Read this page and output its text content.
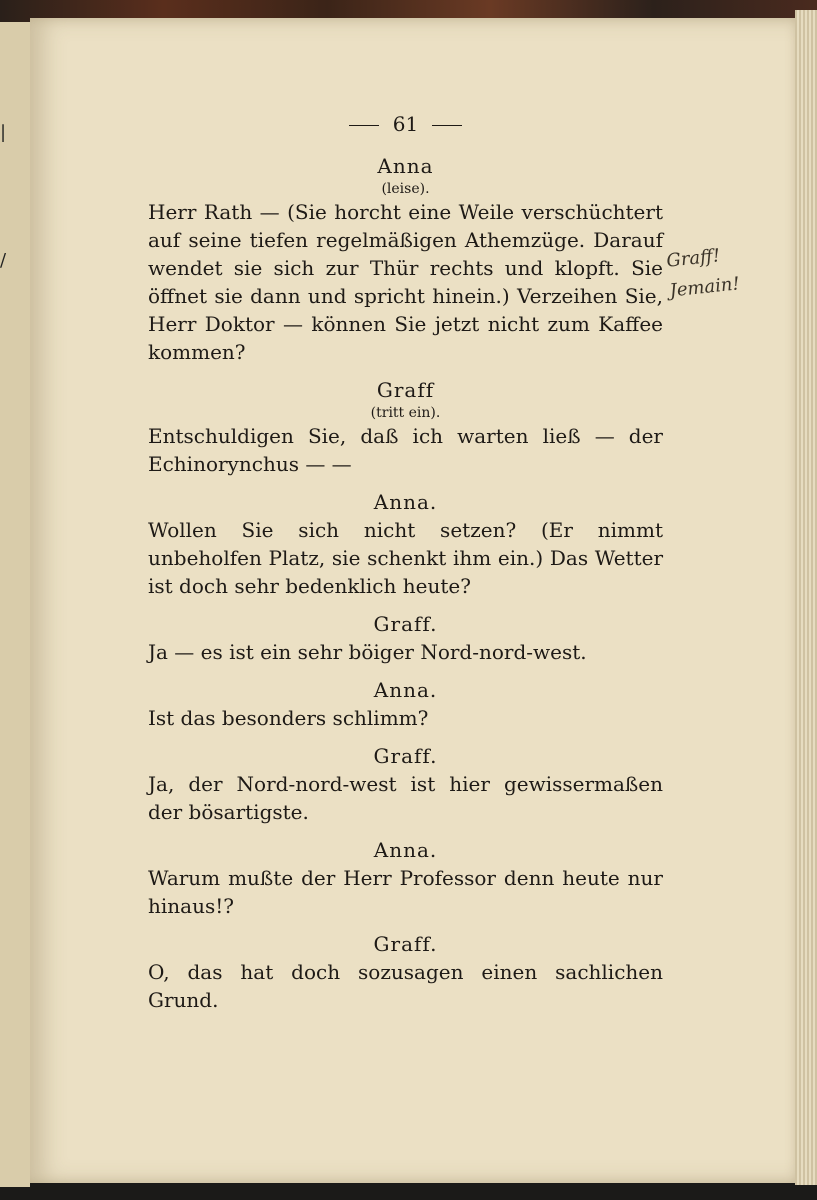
|
/
61
Anna
(leise).

Herr Rath — (Sie horcht eine Weile verschüchtert auf seine tiefen regelmäßigen Athemzüge. Darauf wendet sie sich zur Thür rechts und klopft. Sie öffnet sie dann und spricht hinein.) Verzeihen Sie, Herr Doktor — können Sie jetzt nicht zum Kaffee kommen?

Graff
(tritt ein).

Entschuldigen Sie, daß ich warten ließ — der Echinorynchus — —

Anna.

Wollen Sie sich nicht setzen? (Er nimmt unbeholfen Platz, sie schenkt ihm ein.) Das Wetter ist doch sehr bedenklich heute?

Graff.

Ja — es ist ein sehr böiger Nord-nord-west.

Anna.

Ist das besonders schlimm?

Graff.

Ja, der Nord-nord-west ist hier gewissermaßen der bösartigste.

Anna.

Warum mußte der Herr Professor denn heute nur hinaus!?

Graff.

O, das hat doch sozusagen einen sachlichen Grund.

Graff!
Jemain!
